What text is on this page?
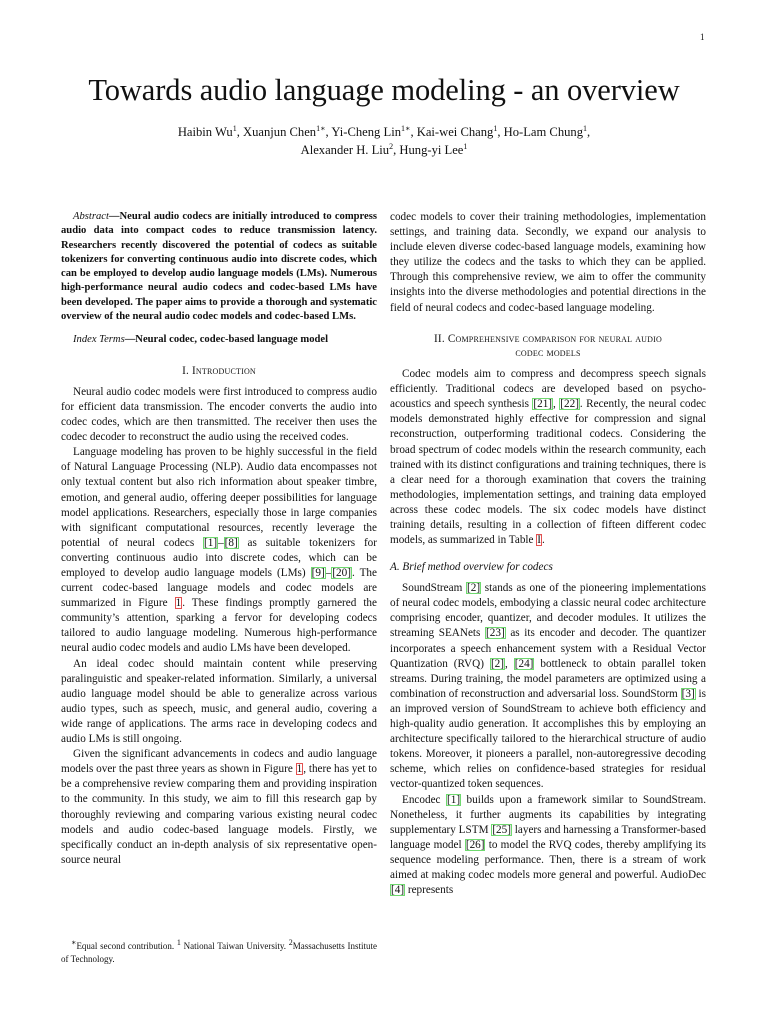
1
Towards audio language modeling - an overview
Haibin Wu$^1$, Xuanjun Chen$^{1∗}$, Yi-Cheng Lin$^{1∗}$, Kai-wei Chang$^1$, Ho-Lam Chung$^1$,
Alexander H. Liu$^2$, Hung-yi Lee$^1$

Abstract—Neural audio codecs are initially introduced to compress audio data into compact codes to reduce transmission latency. Researchers recently discovered the potential of codecs as suitable tokenizers for converting continuous audio into discrete codes, which can be employed to develop audio language models (LMs). Numerous high-performance neural audio codecs and codec-based LMs have been developed. The paper aims to provide a thorough and systematic overview of the neural audio codec models and codec-based LMs.

Index Terms—Neural codec, codec-based language model

I. Introduction

Neural audio codec models were first introduced to compress audio for efficient data transmission. The encoder converts the audio into codec codes, which are then transmitted. The receiver then uses the codec decoder to reconstruct the audio using the received codes.

Language modeling has proven to be highly successful in the field of Natural Language Processing (NLP). Audio data encompasses not only textual content but also rich information about speaker timbre, emotion, and general audio, offering deeper possibilities for language model applications. Researchers, especially those in large companies with significant computational resources, recently leverage the potential of neural codecs [1]–[8] as suitable tokenizers for converting continuous audio into discrete codes, which can be employed to develop audio language models (LMs) [9]–[20]. The current codec-based language models and codec models are summarized in Figure 1. These findings promptly garnered the community’s attention, sparking a fervor for developing codecs tailored to audio language modeling. Numerous high-performance neural audio codec models and audio LMs have been developed.

An ideal codec should maintain content while preserving paralinguistic and speaker-related information. Similarly, a universal audio language model should be able to generalize across various audio types, such as speech, music, and general audio, covering a wide range of applications. The arms race in developing codecs and audio LMs is still ongoing.

Given the significant advancements in codecs and audio language models over the past three years as shown in Figure 1, there has yet to be a comprehensive review comparing them and providing inspiration to the community. In this study, we aim to fill this research gap by thoroughly reviewing and comparing various existing neural codec models and audio codec-based language models. Firstly, we specifically conduct an in-depth analysis of six representative open-source neural

∗Equal second contribution. $^1$ National Taiwan University. $^2$Massachusetts Institute of Technology.

codec models to cover their training methodologies, implementation settings, and training data. Secondly, we expand our analysis to include eleven diverse codec-based language models, examining how they utilize the codecs and the tasks to which they can be applied. Through this comprehensive review, we aim to offer the community insights into the diverse methodologies and potential directions in the field of neural codecs and codec-based language modeling.

II. Comprehensive comparison for neural audio
codec models

Codec models aim to compress and decompress speech signals efficiently. Traditional codecs are developed based on psycho-acoustics and speech synthesis [21], [22]. Recently, the neural codec models demonstrated highly effective for compression and signal reconstruction, outperforming traditional codecs. Considering the broad spectrum of codec models within the research community, each trained with its distinct configurations and training techniques, there is a clear need for a thorough examination that covers the training methodologies, implementation settings, and training data employed across these codec models. The six codec models have distinct training details, resulting in a collection of fifteen different codec models, as summarized in Table I.

A. Brief method overview for codecs

SoundStream [2] stands as one of the pioneering implementations of neural codec models, embodying a classic neural codec architecture comprising encoder, quantizer, and decoder modules. It utilizes the streaming SEANets [23] as its encoder and decoder. The quantizer incorporates a speech enhancement system with a Residual Vector Quantization (RVQ) [2], [24] bottleneck to obtain parallel token streams. During training, the model parameters are optimized using a combination of reconstruction and adversarial loss. SoundStorm [3] is an improved version of SoundStream to achieve both efficiency and high-quality audio generation. It accomplishes this by employing an architecture specifically tailored to the hierarchical structure of audio tokens. Moreover, it pioneers a parallel, non-autoregressive decoding scheme, which relies on confidence-based strategies for residual vector-quantized token sequences.

Encodec [1] builds upon a framework similar to SoundStream. Nonetheless, it further augments its capabilities by integrating supplementary LSTM [25] layers and harnessing a Transformer-based language model [26] to model the RVQ codes, thereby amplifying its sequence modeling performance. Then, there is a stream of work aimed at making codec models more general and powerful. AudioDec [4] represents
